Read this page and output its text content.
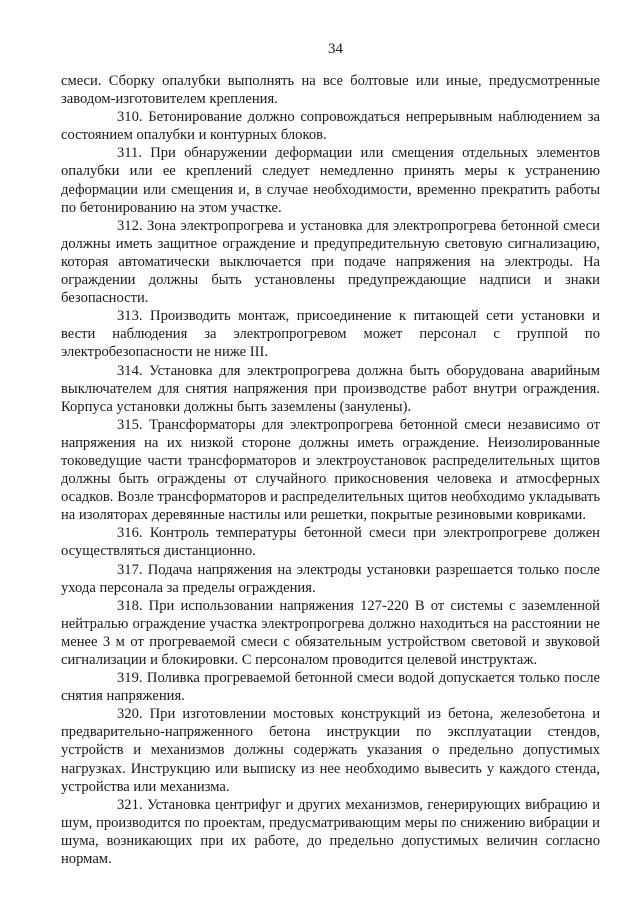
34

смеси. Сборку опалубки выполнять на все болтовые или иные, предусмотренные заводом-изготовителем крепления.

310. Бетонирование должно сопровождаться непрерывным наблюдением за состоянием опалубки и контурных блоков.

311. При обнаружении деформации или смещения отдельных элементов опалубки или ее креплений следует немедленно принять меры к устранению деформации или смещения и, в случае необходимости, временно прекратить работы по бетонированию на этом участке.

312. Зона электропрогрева и установка для электропрогрева бетонной смеси должны иметь защитное ограждение и предупредительную световую сигнализацию, которая автоматически выключается при подаче напряжения на электроды. На ограждении должны быть установлены предупреждающие надписи и знаки безопасности.

313. Производить монтаж, присоединение к питающей сети установки и вести наблюдения за электропрогревом может персонал с группой по электробезопасности не ниже III.

314. Установка для электропрогрева должна быть оборудована аварийным выключателем для снятия напряжения при производстве работ внутри ограждения. Корпуса установки должны быть заземлены (занулены).

315. Трансформаторы для электропрогрева бетонной смеси независимо от напряжения на их низкой стороне должны иметь ограждение. Неизолированные токоведущие части трансформаторов и электроустановок распределительных щитов должны быть ограждены от случайного прикосновения человека и атмосферных осадков. Возле трансформаторов и распределительных щитов необходимо укладывать на изоляторах деревянные настилы или решетки, покрытые резиновыми ковриками.

316. Контроль температуры бетонной смеси при электропрогреве должен осуществляться дистанционно.

317. Подача напряжения на электроды установки разрешается только после ухода персонала за пределы ограждения.

318. При использовании напряжения 127-220 В от системы с заземленной нейтралью ограждение участка электропрогрева должно находиться на расстоянии не менее 3 м от прогреваемой смеси с обязательным устройством световой и звуковой сигнализации и блокировки. С персоналом проводится целевой инструктаж.

319. Поливка прогреваемой бетонной смеси водой допускается только после снятия напряжения.

320. При изготовлении мостовых конструкций из бетона, железобетона и предварительно-напряженного бетона инструкции по эксплуатации стендов, устройств и механизмов должны содержать указания о предельно допустимых нагрузках. Инструкцию или выписку из нее необходимо вывесить у каждого стенда, устройства или механизма.

321. Установка центрифуг и других механизмов, генерирующих вибрацию и шум, производится по проектам, предусматривающим меры по снижению вибрации и шума, возникающих при их работе, до предельно допустимых величин согласно нормам.
